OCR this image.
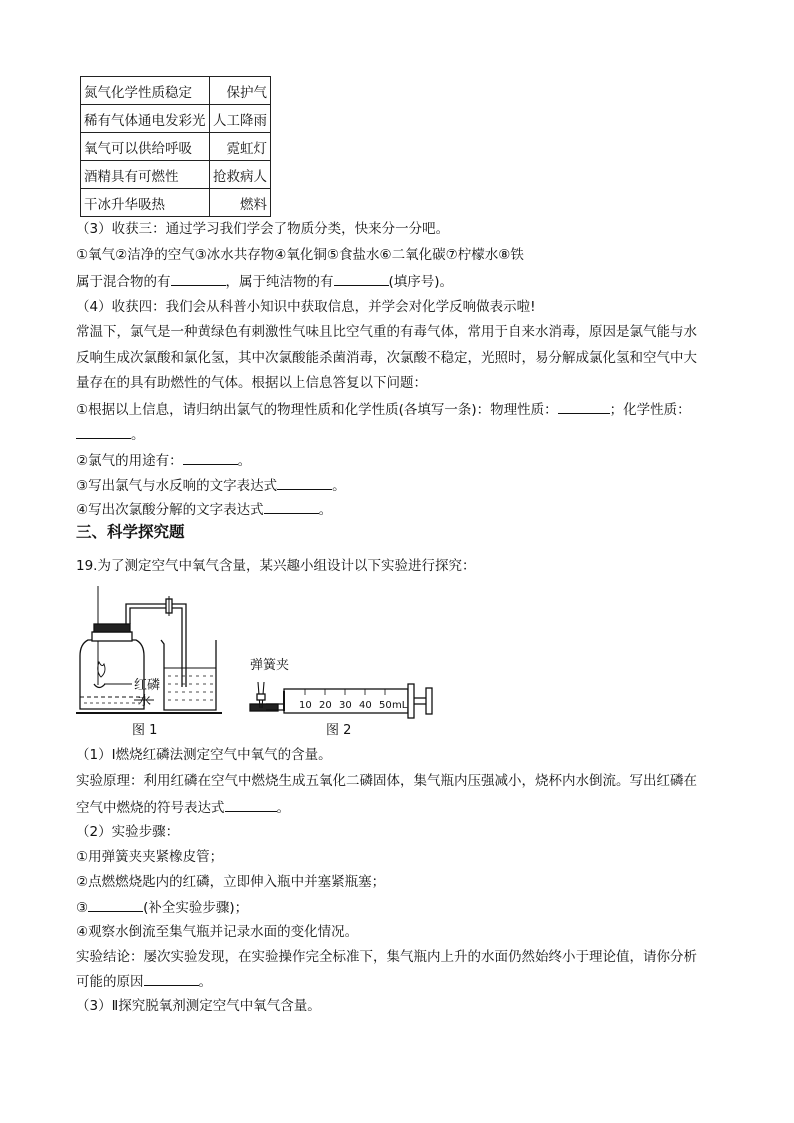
氮气化学性质稳定	保护气
稀有气体通电发彩光	人工降雨
氧气可以供给呼吸	霓虹灯
酒精具有可燃性	抢救病人
干冰升华吸热	燃料
（3）收获三：通过学习我们学会了物质分类，快来分一分吧。
①氧气②洁净的空气③冰水共存物④氧化铜⑤食盐水⑥二氧化碳⑦柠檬水⑧铁
属于混合物的有	，属于纯洁物的有	(填序号)。
（4）收获四：我们会从科普小知识中获取信息，并学会对化学反响做表示啦!
常温下，氯气是一种黄绿色有刺激性气味且比空气重的有毒气体，常用于自来水消毒，原因是氯气能与水
反响生成次氯酸和氯化氢，其中次氯酸能杀菌消毒，次氯酸不稳定，光照时，易分解成氯化氢和空气中大
量存在的具有助燃性的气体。根据以上信息答复以下问题：
①根据以上信息，请归纳出氯气的物理性质和化学性质(各填写一条)：物理性质：	；化学性质：
。
②氯气的用途有：	。
③写出氯气与水反响的文字表达式	。
④写出次氯酸分解的文字表达式	。
三、科学探究题
19.为了测定空气中氧气含量，某兴趣小组设计以下实验进行探究：
红磷
水
图 1
弹簧夹
10 20 30 40 50 mL
图 2
（1）Ⅰ燃烧红磷法测定空气中氧气的含量。
实验原理：利用红磷在空气中燃烧生成五氧化二磷固体，集气瓶内压强减小，烧杯内水倒流。写出红磷在
空气中燃烧的符号表达式	。
（2）实验步骤：
①用弹簧夹夹紧橡皮管；
②点燃燃烧匙内的红磷，立即伸入瓶中并塞紧瓶塞；
③	(补全实验步骤)；
④观察水倒流至集气瓶并记录水面的变化情况。
实验结论：屡次实验发现，在实验操作完全标准下，集气瓶内上升的水面仍然始终小于理论值，请你分析
可能的原因	。
（3）Ⅱ探究脱氧剂测定空气中氧气含量。
